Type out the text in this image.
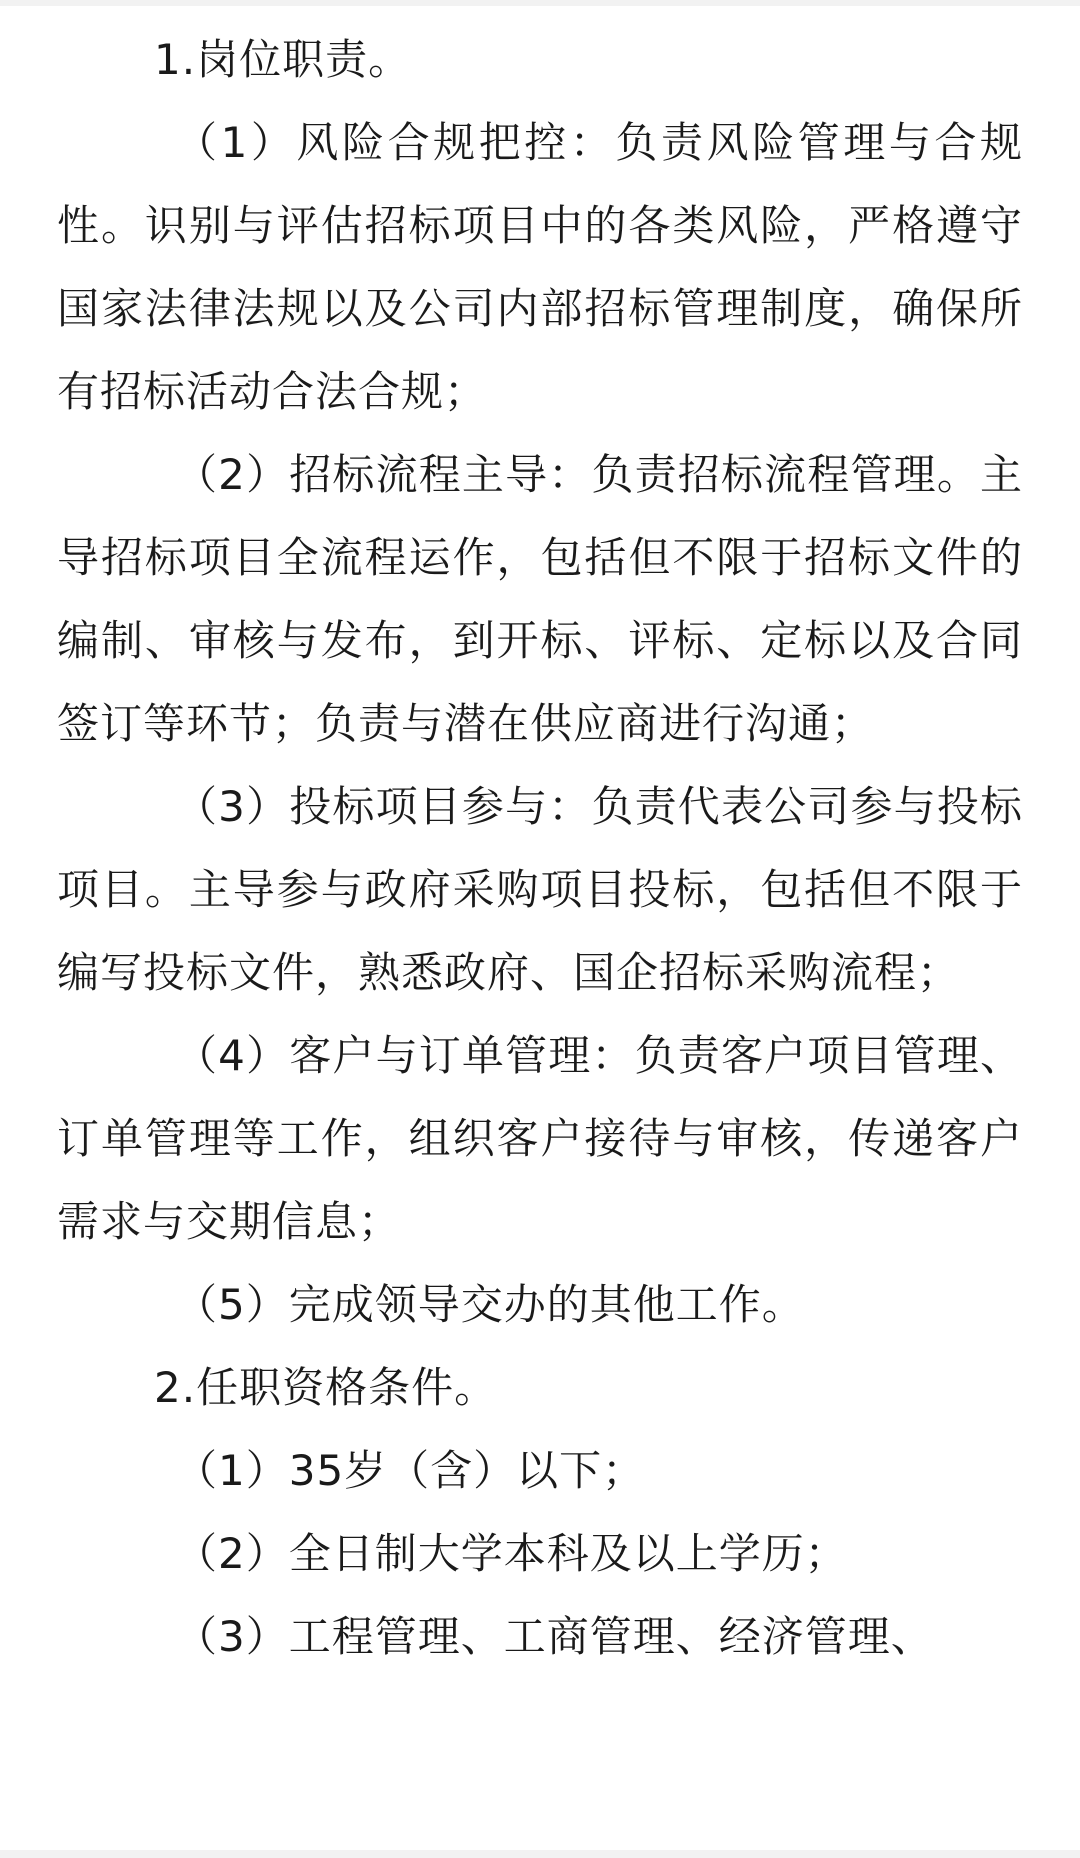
1.岗位职责。

（1）风险合规把控：负责风险管理与合规性。识别与评估招标项目中的各类风险，严格遵守国家法律法规以及公司内部招标管理制度，确保所有招标活动合法合规；

（2）招标流程主导：负责招标流程管理。主导招标项目全流程运作，包括但不限于招标文件的编制、审核与发布，到开标、评标、定标以及合同签订等环节；负责与潜在供应商进行沟通；

（3）投标项目参与：负责代表公司参与投标项目。主导参与政府采购项目投标，包括但不限于编写投标文件，熟悉政府、国企招标采购流程；

（4）客户与订单管理：负责客户项目管理、订单管理等工作，组织客户接待与审核，传递客户需求与交期信息；

（5）完成领导交办的其他工作。

2.任职资格条件。

（1）35岁（含）以下；

（2）全日制大学本科及以上学历；

（3）工程管理、工商管理、经济管理、
